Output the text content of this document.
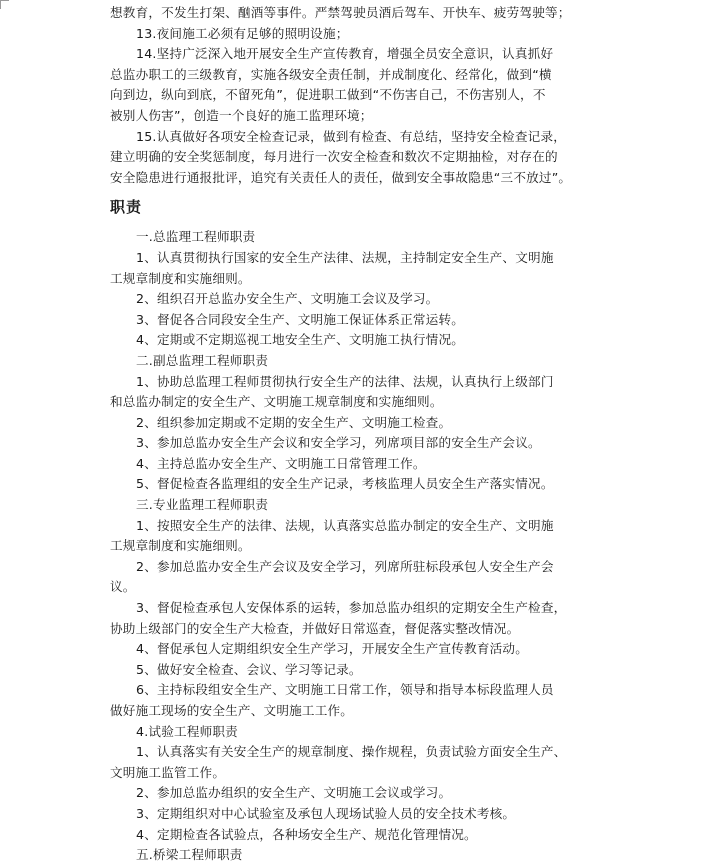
想教育，不发生打架、酗酒等事件。严禁驾驶员酒后驾车、开快车、疲劳驾驶等；
13.夜间施工必须有足够的照明设施；
14.坚持广泛深入地开展安全生产宣传教育，增强全员安全意识，认真抓好
总监办职工的三级教育，实施各级安全责任制，并成制度化、经常化，做到“横
向到边，纵向到底，不留死角”，促进职工做到“不伤害自己，不伤害别人，不
被别人伤害”，创造一个良好的施工监理环境；
15.认真做好各项安全检查记录，做到有检查、有总结，坚持安全检查记录，
建立明确的安全奖惩制度，每月进行一次安全检查和数次不定期抽检，对存在的
安全隐患进行通报批评，追究有关责任人的责任，做到安全事故隐患“三不放过”。
职责
一.总监理工程师职责
1、认真贯彻执行国家的安全生产法律、法规，主持制定安全生产、文明施
工规章制度和实施细则。
2、组织召开总监办安全生产、文明施工会议及学习。
3、督促各合同段安全生产、文明施工保证体系正常运转。
4、定期或不定期巡视工地安全生产、文明施工执行情况。
二.副总监理工程师职责
1、协助总监理工程师贯彻执行安全生产的法律、法规，认真执行上级部门
和总监办制定的安全生产、文明施工规章制度和实施细则。
2、组织参加定期或不定期的安全生产、文明施工检查。
3、参加总监办安全生产会议和安全学习，列席项目部的安全生产会议。
4、主持总监办安全生产、文明施工日常管理工作。
5、督促检查各监理组的安全生产记录，考核监理人员安全生产落实情况。
三.专业监理工程师职责
1、按照安全生产的法律、法规，认真落实总监办制定的安全生产、文明施
工规章制度和实施细则。
2、参加总监办安全生产会议及安全学习，列席所驻标段承包人安全生产会
议。
3、督促检查承包人安保体系的运转，参加总监办组织的定期安全生产检查，
协助上级部门的安全生产大检查，并做好日常巡查，督促落实整改情况。
4、督促承包人定期组织安全生产学习，开展安全生产宣传教育活动。
5、做好安全检查、会议、学习等记录。
6、主持标段组安全生产、文明施工日常工作，领导和指导本标段监理人员
做好施工现场的安全生产、文明施工工作。
4.试验工程师职责
1、认真落实有关安全生产的规章制度、操作规程，负责试验方面安全生产、
文明施工监管工作。
2、参加总监办组织的安全生产、文明施工会议或学习。
3、定期组织对中心试验室及承包人现场试验人员的安全技术考核。
4、定期检查各试验点，各种场安全生产、规范化管理情况。
五.桥梁工程师职责
